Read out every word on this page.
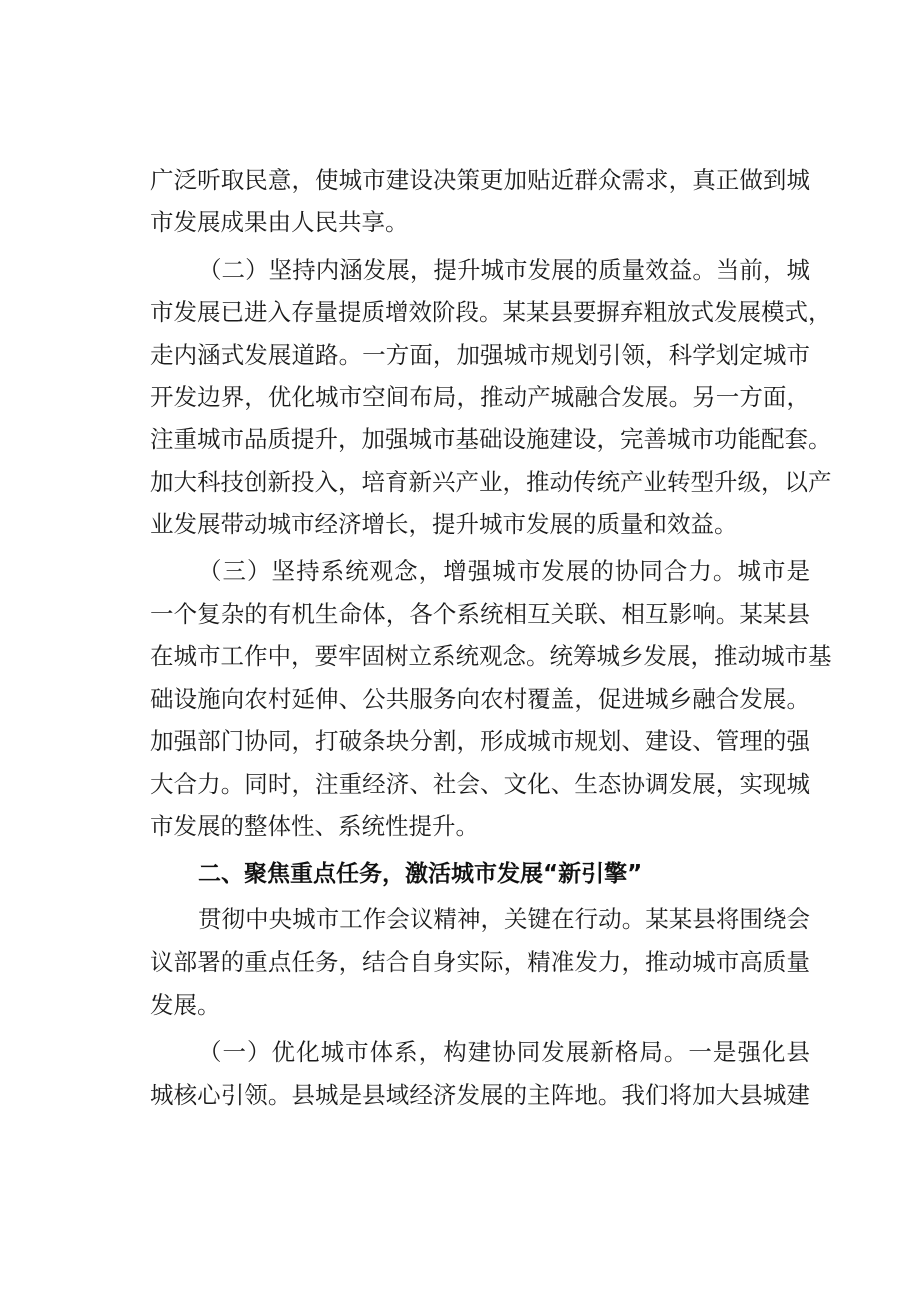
广泛听取民意，使城市建设决策更加贴近群众需求，真正做到城

市发展成果由人民共享。

（二）坚持内涵发展，提升城市发展的质量效益。当前，城

市发展已进入存量提质增效阶段。某某县要摒弃粗放式发展模式，

走内涵式发展道路。一方面，加强城市规划引领，科学划定城市

开发边界，优化城市空间布局，推动产城融合发展。另一方面，

注重城市品质提升，加强城市基础设施建设，完善城市功能配套。

加大科技创新投入，培育新兴产业，推动传统产业转型升级，以产

业发展带动城市经济增长，提升城市发展的质量和效益。

（三）坚持系统观念，增强城市发展的协同合力。城市是

一个复杂的有机生命体，各个系统相互关联、相互影响。某某县

在城市工作中，要牢固树立系统观念。统筹城乡发展，推动城市基

础设施向农村延伸、公共服务向农村覆盖，促进城乡融合发展。

加强部门协同，打破条块分割，形成城市规划、建设、管理的强

大合力。同时，注重经济、社会、文化、生态协调发展，实现城

市发展的整体性、系统性提升。

二、聚焦重点任务，激活城市发展“新引擎”

贯彻中央城市工作会议精神，关键在行动。某某县将围绕会

议部署的重点任务，结合自身实际，精准发力，推动城市高质量

发展。

（一）优化城市体系，构建协同发展新格局。一是强化县

城核心引领。县城是县域经济发展的主阵地。我们将加大县城建
